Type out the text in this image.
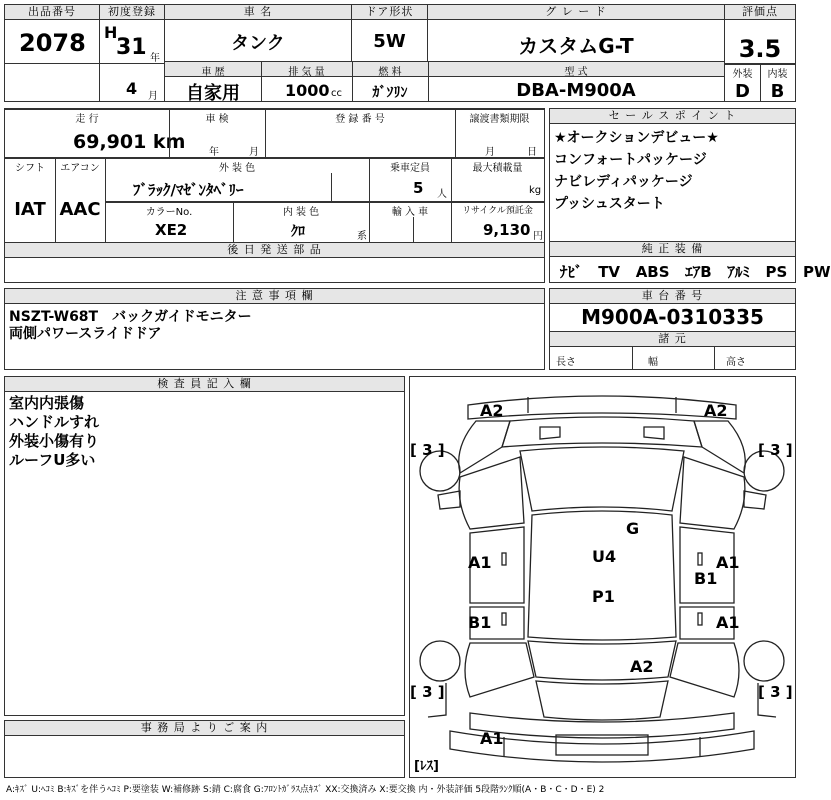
出品番号
2078
初度登録
H
31 年
4 月
車 名
タンク
ドア形状
5W
グ レ ー ド
カスタムG-T
評価点
3.5
外装	内装
D	B
車 歴
自家用
排 気 量
1000 cc
燃 料
ｶﾞｿﾘﾝ
型 式
DBA-M900A
走 行
69,901 km
車 検
年	月
登 録 番 号	譲渡書類期限
月	日
シフト
IAT
エアコン
AAC
外 装 色
ﾌﾞﾗｯｸ/ﾏｾﾞﾝﾀﾍﾞﾘｰ
乗車定員
5 人
最大積載量
kg
カラーNo.
XE2
内 装 色
ｸﾛ	系
輸 入 車	リサイクル預託金
9,130 円
後 日 発 送 部 品
セ ー ル ス ポ イ ン ト
★オークションデビュー★
コンフォートパッケージ
ナビレディパッケージ
プッシュスタート
純 正 装 備
ﾅﾋﾞ TV ABS ｴｱB ｱﾙﾐ PS PW
注 意 事 項 欄
NSZT-W68T　バックガイドモニター
両側パワースライドドア
車 台 番 号
M900A-0310335
諸 元
長さ	幅	高さ
検 査 員 記 入 欄
室内内張傷
ハンドルすれ
外装小傷有り
ルーフU多い
事 務 局 よ り ご 案 内
A2	A2
[ 3 ]	[ 3 ]
G
U4
P1
A1
B1
A1
B1
A1
A2
[ 3 ]	[ 3 ]
A1
[ﾚｽ]
A:ｷｽﾞ U:ﾍｺﾐ B:ｷｽﾞを伴うﾍｺﾐ P:要塗装 W:補修跡 S:錆 C:腐食 G:ﾌﾛﾝﾄｶﾞﾗｽ点ｷｽﾞ XX:交換済み X:要交換 内・外装評価 5段階ﾗﾝｸ順(A・B・C・D・E) 2
